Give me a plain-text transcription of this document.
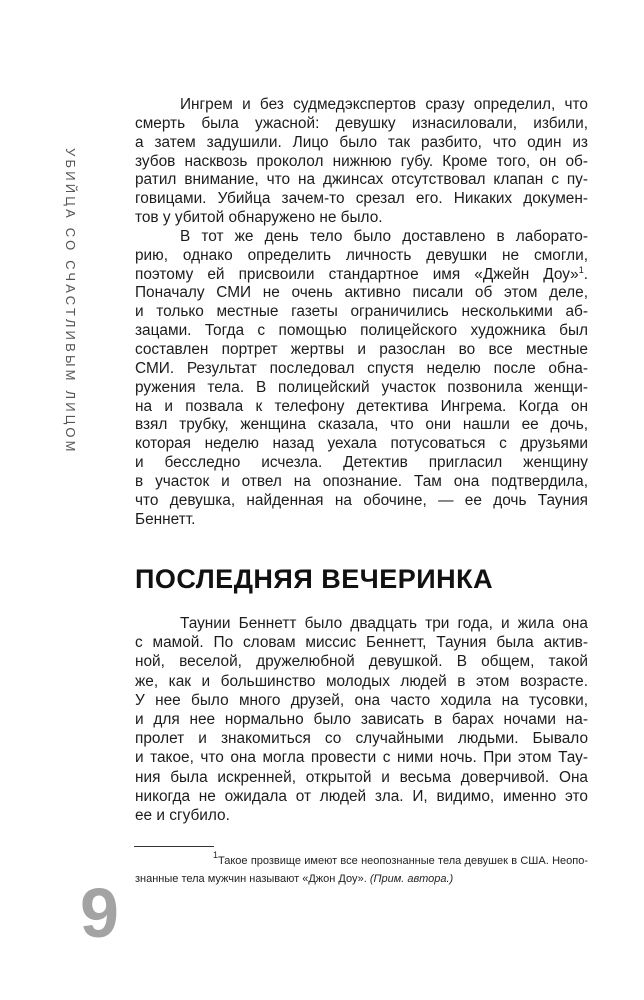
УБИЙЦА СО СЧАСТЛИВЫМ ЛИЦОМ
Ингрем и без судмедэкспертов сразу определил, что
смерть была ужасной: девушку изнасиловали, избили,
а затем задушили. Лицо было так разбито, что один из
зубов насквозь проколол нижнюю губу. Кроме того, он об-
ратил внимание, что на джинсах отсутствовал клапан с пу-
говицами. Убийца зачем-то срезал его. Никаких докумен-
тов у убитой обнаружено не было.
В тот же день тело было доставлено в лаборато-
рию, однако определить личность девушки не смогли,
поэтому ей присвоили стандартное имя «Джейн Доу»$^1$.
Поначалу СМИ не очень активно писали об этом деле,
и только местные газеты ограничились несколькими аб-
зацами. Тогда с помощью полицейского художника был
составлен портрет жертвы и разослан во все местные
СМИ. Результат последовал спустя неделю после обна-
ружения тела. В полицейский участок позвонила женщи-
на и позвала к телефону детектива Ингрема. Когда он
взял трубку, женщина сказала, что они нашли ее дочь,
которая неделю назад уехала потусоваться с друзьями
и бесследно исчезла. Детектив пригласил женщину
в участок и отвел на опознание. Там она подтвердила,
что девушка, найденная на обочине, — ее дочь Тауния
Беннетт.
ПОСЛЕДНЯЯ ВЕЧЕРИНКА
Таунии Беннетт было двадцать три года, и жила она
с мамой. По словам миссис Беннетт, Тауния была актив-
ной, веселой, дружелюбной девушкой. В общем, такой
же, как и большинство молодых людей в этом возрасте.
У нее было много друзей, она часто ходила на тусовки,
и для нее нормально было зависать в барах ночами на-
пролет и знакомиться со случайными людьми. Бывало
и такое, что она могла провести с ними ночь. При этом Тау-
ния была искренней, открытой и весьма доверчивой. Она
никогда не ожидала от людей зла. И, видимо, именно это
ее и сгубило.
$^1$Такое прозвище имеют все неопознанные тела девушек в США. Неопо-
знанные тела мужчин называют «Джон Доу». (Прим. автора.)
9
